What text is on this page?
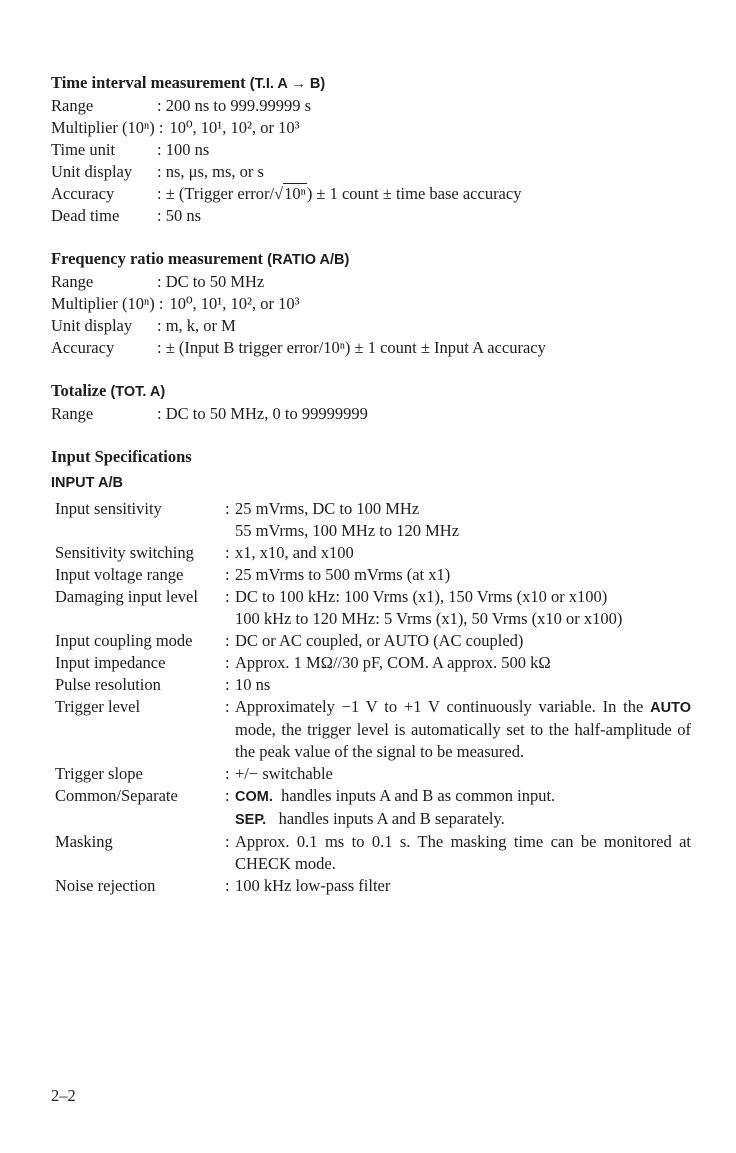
Time interval measurement (T.I. A → B)
Range	: 200 ns to 999.99999 s
Multiplier (10ⁿ) : 10⁰, 10¹, 10², or 10³
Time unit	: 100 ns
Unit display	: ns, μs, ms, or s
Accuracy	: ± (Trigger error/√10ⁿ) ± 1 count ± time base accuracy
Dead time	: 50 ns
Frequency ratio measurement (RATIO A/B)
Range	: DC to 50 MHz
Multiplier (10ⁿ) : 10⁰, 10¹, 10², or 10³
Unit display	: m, k, or M
Accuracy	: ± (Input B trigger error/10ⁿ) ± 1 count ± Input A accuracy
Totalize (TOT. A)
Range	: DC to 50 MHz, 0 to 99999999
Input Specifications
INPUT A/B
Input sensitivity	: 25 mVrms, DC to 100 MHz
55 mVrms, 100 MHz to 120 MHz
Sensitivity switching	: x1, x10, and x100
Input voltage range	: 25 mVrms to 500 mVrms (at x1)
Damaging input level	: DC to 100 kHz: 100 Vrms (x1), 150 Vrms (x10 or x100)
100 kHz to 120 MHz: 5 Vrms (x1), 50 Vrms (x10 or x100)
Input coupling mode	: DC or AC coupled, or AUTO (AC coupled)
Input impedance	: Approx. 1 MΩ//30 pF, COM. A approx. 500 kΩ
Pulse resolution	: 10 ns
Trigger level	: Approximately −1 V to +1 V continuously variable. In the AUTO mode, the trigger level is automatically set to the half-amplitude of the peak value of the signal to be measured.
Trigger slope	: +/− switchable
Common/Separate	: COM. handles inputs A and B as common input.
SEP. handles inputs A and B separately.
Masking	: Approx. 0.1 ms to 0.1 s. The masking time can be monitored at CHECK mode.
Noise rejection	: 100 kHz low-pass filter
2–2
